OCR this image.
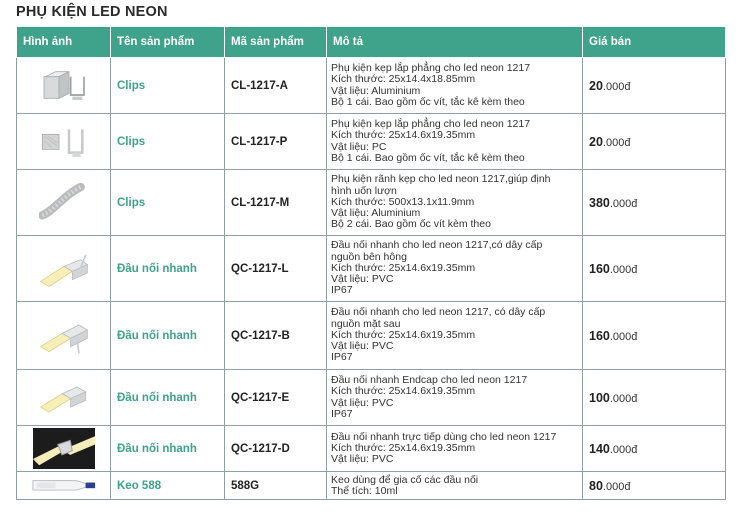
PHỤ KIỆN LED NEON
Hình ảnh	Tên sản phẩm	Mã sản phẩm	Mô tả	Giá bán

	Clips	CL-1217-A	Phụ kiện kẹp lắp phẳng cho led neon 1217
Kích thước: 25x14.4x18.85mm
Vật liệu: Aluminium
Bộ 1 cái. Bao gồm ốc vít, tắc kê kèm theo	20.000đ

	Clips	CL-1217-P	Phụ kiện kẹp lắp phẳng cho led neon 1217
Kích thước: 25x14.6x19.35mm
Vật liệu: PC
Bộ 1 cái. Bao gồm ốc vít, tắc kê kèm theo	20.000đ

	Clips	CL-1217-M	Phụ kiện rãnh kẹp cho led neon 1217,giúp định
hình uốn lượn
Kích thước: 500x13.1x11.9mm
Vật liệu: Aluminium
Bộ 2 cái. Bao gồm ốc vít kèm theo	380.000đ

	Đầu nối nhanh	QC-1217-L	Đầu nối nhanh cho led neon 1217,có dây cấp
nguồn bên hông
Kích thước: 25x14.6x19.35mm
Vật liệu: PVC
IP67	160.000đ

	Đầu nối nhanh	QC-1217-B	Đầu nối nhanh cho led neon 1217, có dây cấp
nguồn mặt sau
Kích thước: 25x14.6x19.35mm
Vật liệu: PVC
IP67	160.000đ

	Đầu nối nhanh	QC-1217-E	Đầu nối nhanh Endcap cho led neon 1217
Kích thước: 25x14.6x19.35mm
Vật liệu: PVC
IP67	100.000đ

	Đầu nối nhanh	QC-1217-D	Đầu nối nhanh trực tiếp dùng cho led neon 1217
Kích thước: 25x14.6x19.35mm
Vật liệu: PVC	140.000đ

	Keo 588	588G	Keo dùng để gia cố các đầu nối
Thể tích: 10ml	80.000đ
